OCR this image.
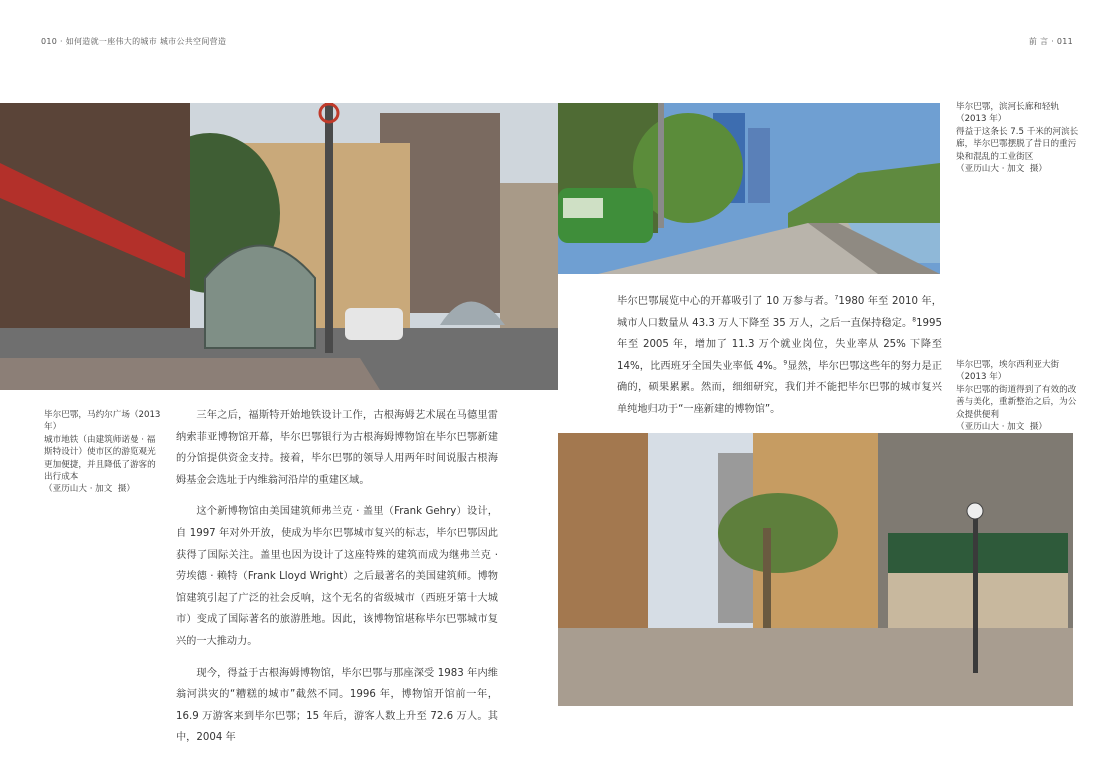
010 · 如何造就一座伟大的城市 城市公共空间营造	前 言 · 011
毕尔巴鄂，马约尔广场（2013 年）
城市地铁（由建筑师诺曼 · 福
斯特设计）使市区的游览观光
更加便捷，并且降低了游客的
出行成本
（亚历山大 · 加文  摄）
毕尔巴鄂，滨河长廊和轻轨
（2013 年）
得益于这条长 7.5 千米的河滨长
廊，毕尔巴鄂摆脱了昔日的重污
染和混乱的工业街区
（亚历山大 · 加文  摄）
毕尔巴鄂，埃尔西利亚大街
（2013 年）
毕尔巴鄂的街道得到了有效的改
善与美化，重新整治之后，为公
众提供便利
（亚历山大 · 加文  摄）

三年之后，福斯特开始地铁设计工作，古根海姆艺术展在马德里雷纳索菲亚博物馆开幕，毕尔巴鄂银行为古根海姆博物馆在毕尔巴鄂新建的分馆提供资金支持。接着，毕尔巴鄂的领导人用两年时间说服古根海姆基金会选址于内维翁河沿岸的重建区域。

这个新博物馆由美国建筑师弗兰克 · 盖里（Frank Gehry）设计，自 1997 年对外开放，使成为毕尔巴鄂城市复兴的标志，毕尔巴鄂因此获得了国际关注。盖里也因为设计了这座特殊的建筑而成为继弗兰克 · 劳埃德 · 赖特（Frank Lloyd Wright）之后最著名的美国建筑师。博物馆建筑引起了广泛的社会反响，这个无名的省级城市（西班牙第十大城市）变成了国际著名的旅游胜地。因此，该博物馆堪称毕尔巴鄂城市复兴的一大推动力。

现今，得益于古根海姆博物馆，毕尔巴鄂与那座深受 1983 年内维翁河洪灾的“糟糕的城市”截然不同。1996 年，博物馆开馆前一年，16.9 万游客来到毕尔巴鄂；15 年后，游客人数上升至 72.6 万人。其中，2004 年

毕尔巴鄂展览中心的开幕吸引了 10 万参与者。$^7$1980 年至 2010 年，城市人口数量从 43.3 万人下降至 35 万人，之后一直保持稳定。$^8$1995 年至 2005 年，增加了 11.3 万个就业岗位，失业率从 25% 下降至 14%，比西班牙全国失业率低 4%。$^9$显然，毕尔巴鄂这些年的努力是正确的，硕果累累。然而，细细研究，我们并不能把毕尔巴鄂的城市复兴单纯地归功于“一座新建的博物馆”。
